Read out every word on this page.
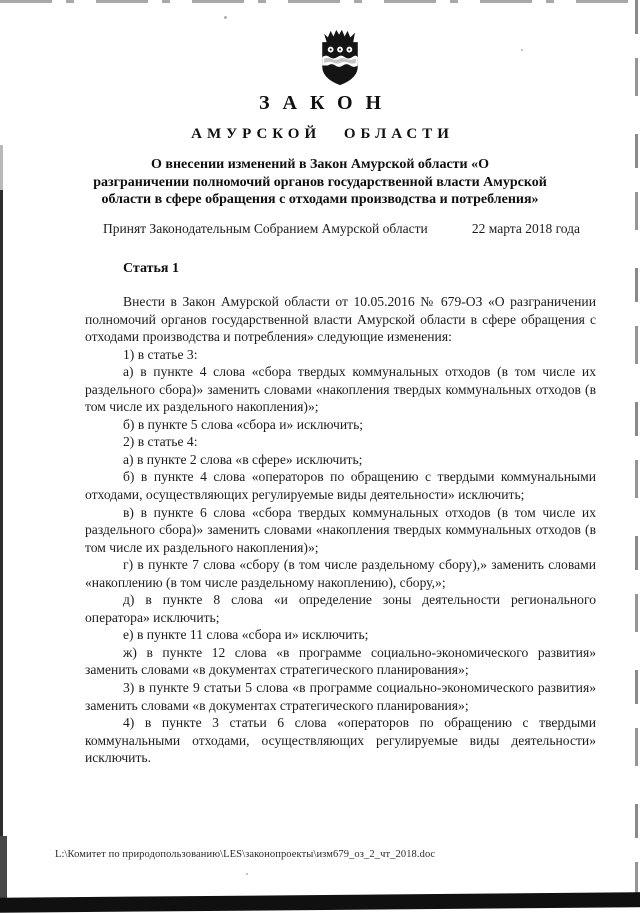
ЗАКОН
АМУРСКОЙ ОБЛАСТИ
О внесении изменений в Закон Амурской области «О
разграничении полномочий органов государственной власти Амурской
области в сфере обращения с отходами производства и потребления»
Принят Законодательным Собранием Амурской области	22 марта 2018 года
Статья 1

Внести в Закон Амурской области от 10.05.2016 № 679-ОЗ «О разграничении полномочий органов государственной власти Амурской области в сфере обращения с отходами производства и потребления» следующие изменения:

1) в статье 3:

а) в пункте 4 слова «сбора твердых коммунальных отходов (в том числе их раздельного сбора)» заменить словами «накопления твердых коммунальных отходов (в том числе их раздельного накопления)»;

б) в пункте 5 слова «сбора и» исключить;

2) в статье 4:

а) в пункте 2 слова «в сфере» исключить;

б) в пункте 4 слова «операторов по обращению с твердыми коммунальными отходами, осуществляющих регулируемые виды деятельности» исключить;

в) в пункте 6 слова «сбора твердых коммунальных отходов (в том числе их раздельного сбора)» заменить словами «накопления твердых коммунальных отходов (в том числе их раздельного накопления)»;

г) в пункте 7 слова «сбору (в том числе раздельному сбору),» заменить словами «накоплению (в том числе раздельному накоплению), сбору,»;

д) в пункте 8 слова «и определение зоны деятельности регионального оператора» исключить;

е) в пункте 11 слова «сбора и» исключить;

ж) в пункте 12 слова «в программе социально-экономического развития» заменить словами «в документах стратегического планирования»;

3) в пункте 9 статьи 5 слова «в программе социально-экономического развития» заменить словами «в документах стратегического планирования»;

4) в пункте 3 статьи 6 слова «операторов по обращению с твердыми коммунальными отходами, осуществляющих регулируемые виды деятельности» исключить.

L:\Комитет по природопользованию\LES\законопроекты\изм679_оз_2_чт_2018.doc
